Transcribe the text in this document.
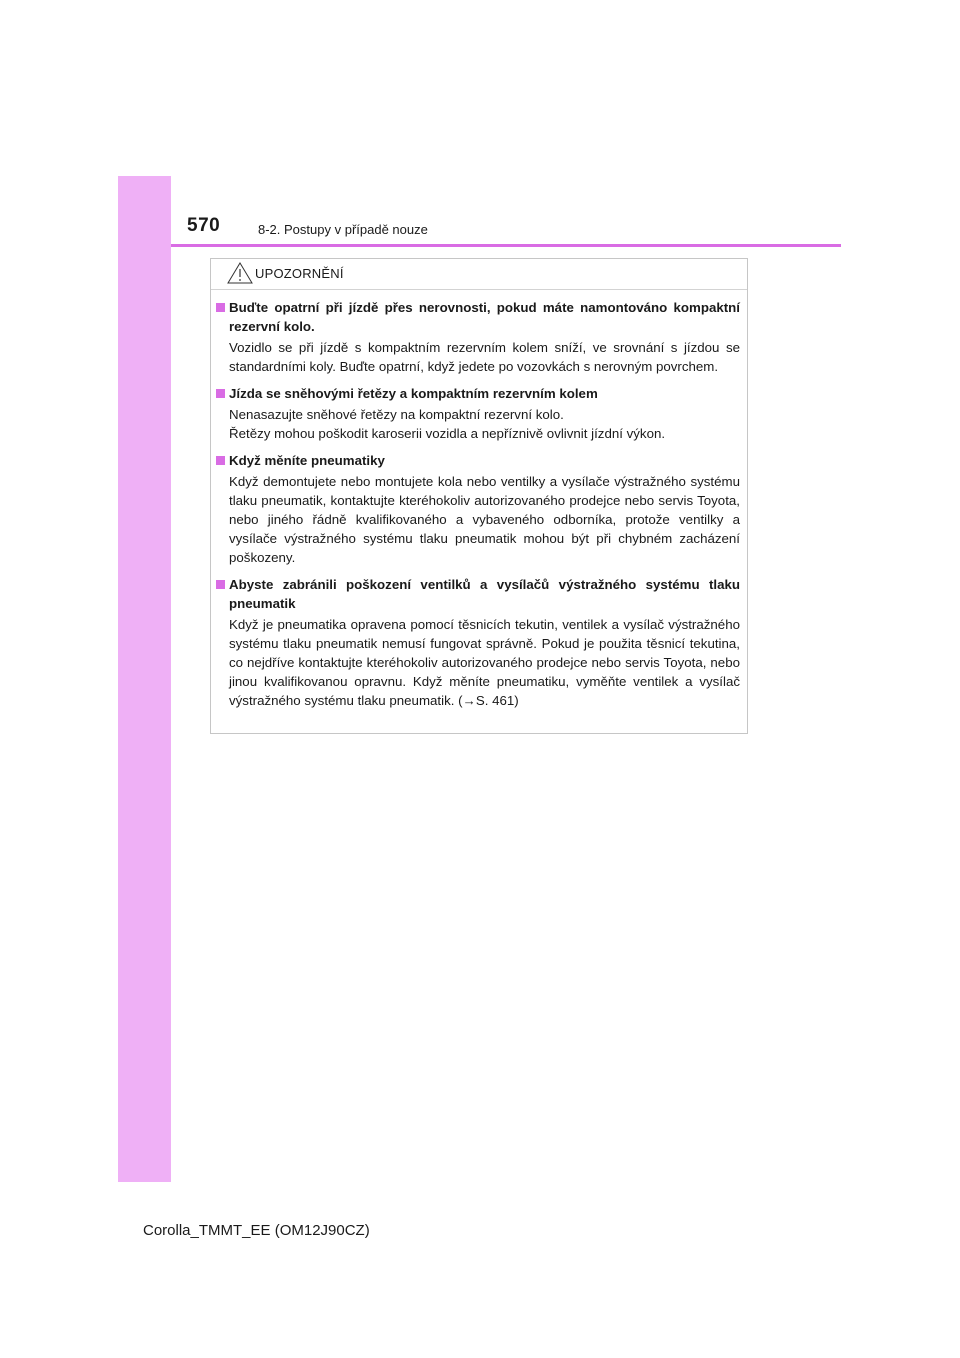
570	8-2. Postupy v případě nouze
UPOZORNĚNÍ
Buďte opatrní při jízdě přes nerovnosti, pokud máte namontováno kompaktní rezervní kolo.

Vozidlo se při jízdě s kompaktním rezervním kolem sníží, ve srovnání s jízdou se standardními koly. Buďte opatrní, když jedete po vozovkách s nerovným povrchem.

Jízda se sněhovými řetězy a kompaktním rezervním kolem

Nenasazujte sněhové řetězy na kompaktní rezervní kolo.

Řetězy mohou poškodit karoserii vozidla a nepříznivě ovlivnit jízdní výkon.

Když měníte pneumatiky

Když demontujete nebo montujete kola nebo ventilky a vysílače výstražného systému tlaku pneumatik, kontaktujte kteréhokoliv autorizovaného prodejce nebo servis Toyota, nebo jiného řádně kvalifikovaného a vybaveného odborníka, protože ventilky a vysílače výstražného systému tlaku pneumatik mohou být při chybném zacházení poškozeny.

Abyste zabránili poškození ventilků a vysílačů výstražného systému tlaku pneumatik

Když je pneumatika opravena pomocí těsnicích tekutin, ventilek a vysílač výstražného systému tlaku pneumatik nemusí fungovat správně. Pokud je použita těsnicí tekutina, co nejdříve kontaktujte kteréhokoliv autorizovaného prodejce nebo servis Toyota, nebo jinou kvalifikovanou opravnu. Když měníte pneumatiku, vyměňte ventilek a vysílač výstražného systému tlaku pneumatik. (→S. 461)

Corolla_TMMT_EE (OM12J90CZ)
